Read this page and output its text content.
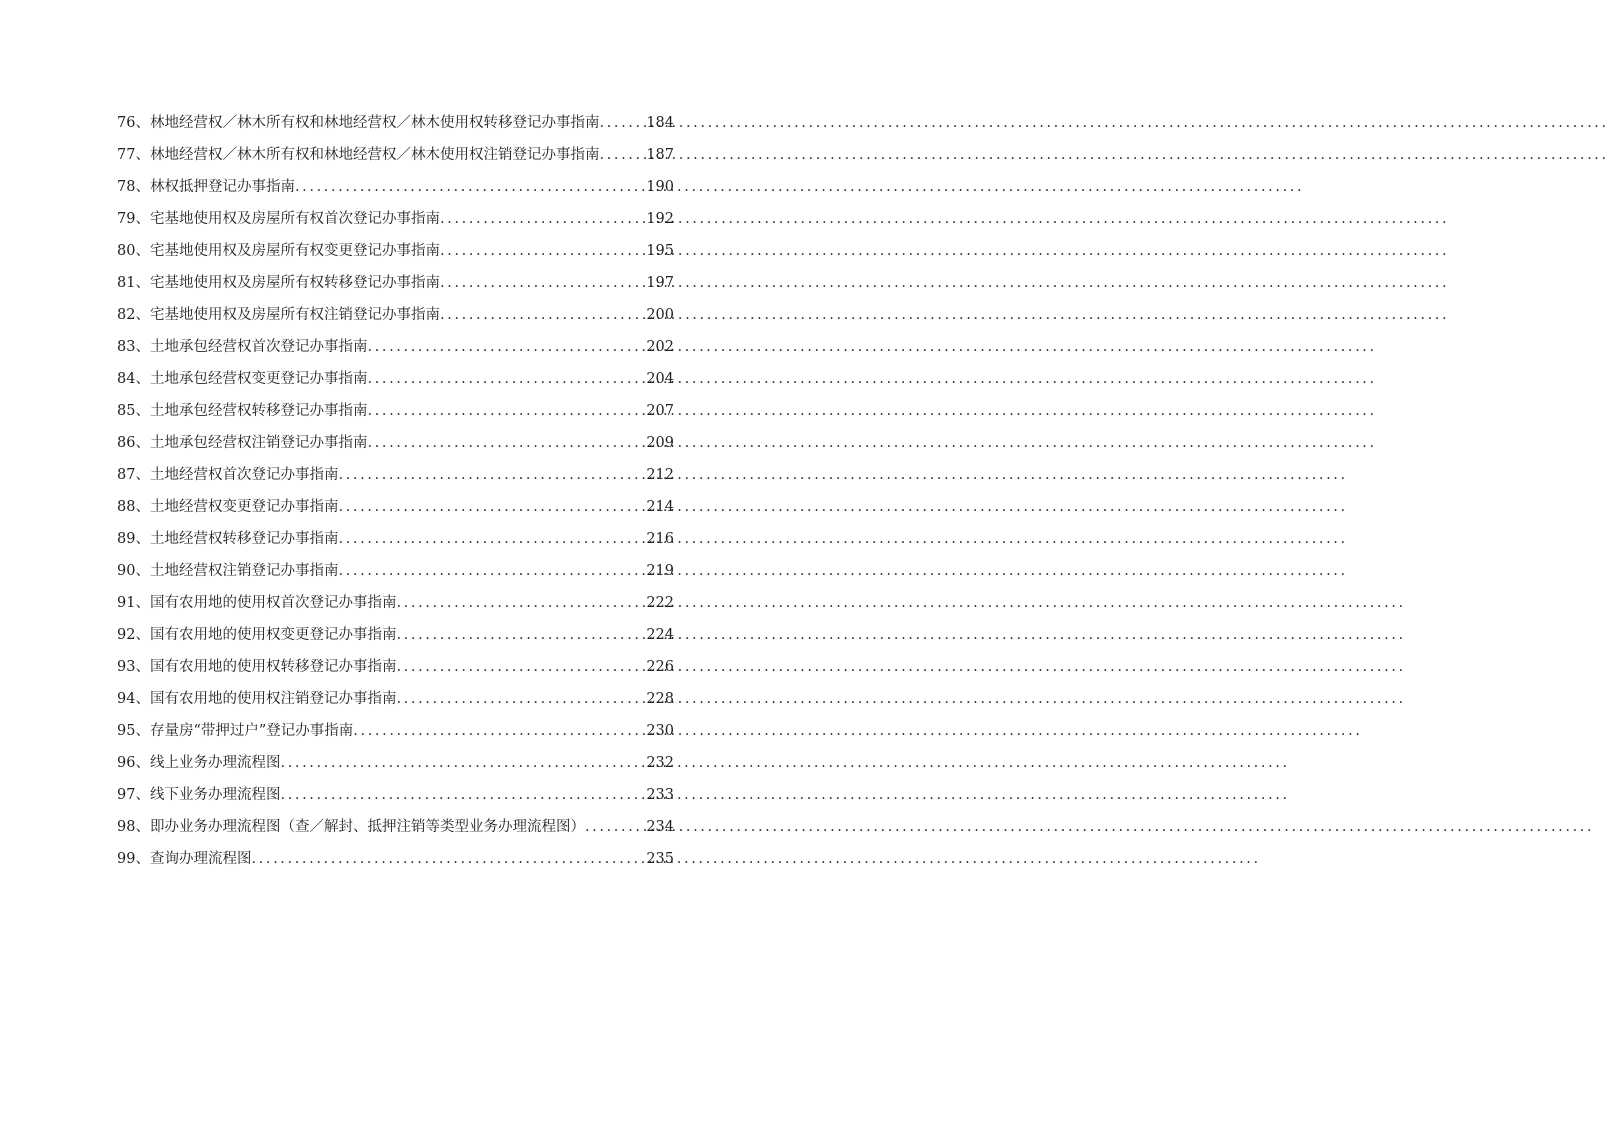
76、 林地经营权／林木所有权和林地经营权／林木使用权转移登记办事指南 .....	184
77、 林地经营权／林木所有权和林地经营权／林木使用权注销登记办事指南 .....	187
78、 林权抵押登记办事指南 .....	190
79、 宅基地使用权及房屋所有权首次登记办事指南 .....	192
80、 宅基地使用权及房屋所有权变更登记办事指南 .....	195
81、 宅基地使用权及房屋所有权转移登记办事指南 .....	197
82、 宅基地使用权及房屋所有权注销登记办事指南 .....	200
83、 土地承包经营权首次登记办事指南 .....	202
84、 土地承包经营权变更登记办事指南 .....	204
85、 土地承包经营权转移登记办事指南 .....	207
86、 土地承包经营权注销登记办事指南 .....	209
87、 土地经营权首次登记办事指南 .....	212
88、 土地经营权变更登记办事指南 .....	214
89、 土地经营权转移登记办事指南 .....	216
90、 土地经营权注销登记办事指南 .....	219
91、 国有农用地的使用权首次登记办事指南 .....	222
92、 国有农用地的使用权变更登记办事指南 .....	224
93、 国有农用地的使用权转移登记办事指南 .....	226
94、 国有农用地的使用权注销登记办事指南 .....	228
95、 存量房“带押过户”登记办事指南 .....	230
96、 线上业务办理流程图 .....	232
97、 线下业务办理流程图 .....	233
98、 即办业务办理流程图（查／解封、抵押注销等类型业务办理流程图） .....	234
99、 查询办理流程图 .....	235
